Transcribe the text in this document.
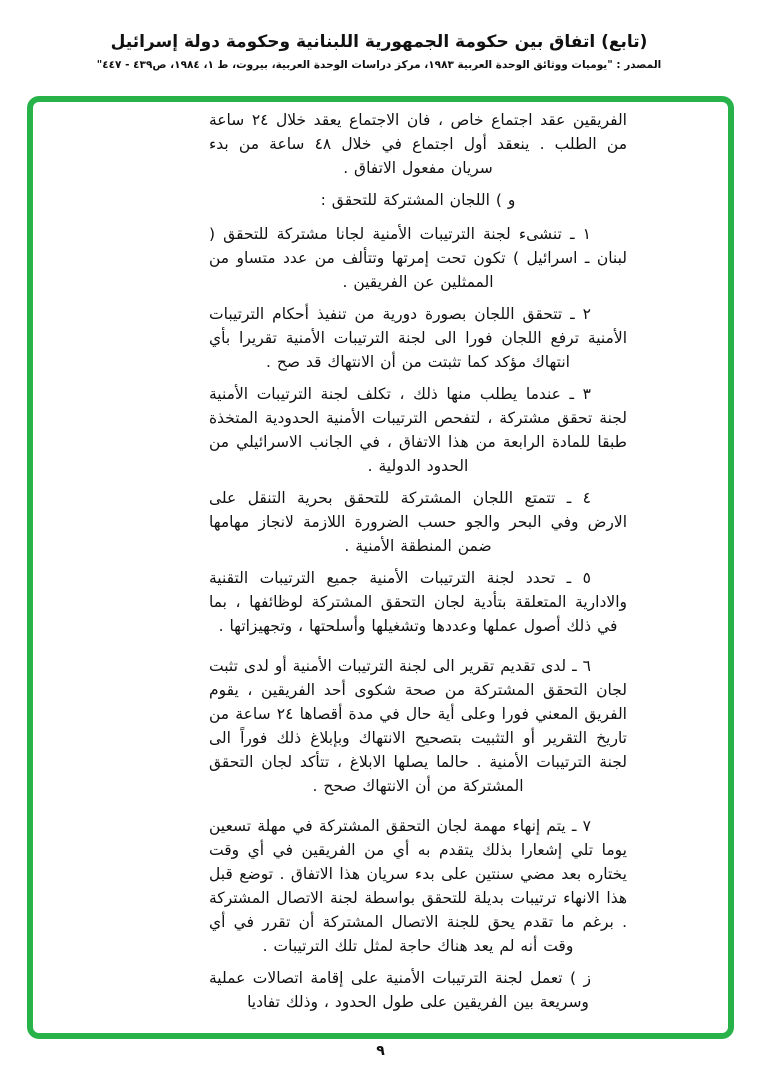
(تابع) اتفاق بين حكومة الجمهورية اللبنانية وحكومة دولة إسرائيل
المصدر : "يوميات ووثائق الوحدة العربية ١٩٨٣، مركز دراسات الوحدة العربية، بيروت، ط ١، ١٩٨٤، ص٤٣٩ - ٤٤٧"

الفريقين عقد اجتماع خاص ، فان الاجتماع يعقد خلال ٢٤ ساعة من الطلب . ينعقد أول اجتماع في خلال ٤٨ ساعة من بدء سريان مفعول الاتفاق .

و ) اللجان المشتركة للتحقق :

١ ـ تنشىء لجنة الترتيبات الأمنية لجانا مشتركة للتحقق ( لبنان ـ اسرائيل ) تكون تحت إمرتها وتتألف من عدد متساو من الممثلين عن الفريقين .

٢ ـ تتحقق اللجان بصورة دورية من تنفيذ أحكام الترتيبات الأمنية ترفع اللجان فورا الى لجنة الترتيبات الأمنية تقريرا بأي انتهاك مؤكد كما تثبتت من أن الانتهاك قد صح .

٣ ـ عندما يطلب منها ذلك ، تكلف لجنة الترتيبات الأمنية لجنة تحقق مشتركة ، لتفحص الترتيبات الأمنية الحدودية المتخذة طبقا للمادة الرابعة من هذا الاتفاق ، في الجانب الاسرائيلي من الحدود الدولية .

٤ ـ تتمتع اللجان المشتركة للتحقق بحرية التنقل على الارض وفي البحر والجو حسب الضرورة اللازمة لانجاز مهامها ضمن المنطقة الأمنية .

٥ ـ تحدد لجنة الترتيبات الأمنية جميع الترتيبات التقنية والادارية المتعلقة بتأدية لجان التحقق المشتركة لوظائفها ، بما في ذلك أصول عملها وعددها وتشغيلها وأسلحتها ، وتجهيزاتها .

٦ ـ لدى تقديم تقرير الى لجنة الترتيبات الأمنية أو لدى تثبت لجان التحقق المشتركة من صحة شكوى أحد الفريقين ، يقوم الفريق المعني فورا وعلى أية حال في مدة أقصاها ٢٤ ساعة من تاريخ التقرير أو التثبيت بتصحيح الانتهاك وبإبلاغ ذلك فوراً الى لجنة الترتيبات الأمنية . حالما يصلها الابلاغ ، تتأكد لجان التحقق المشتركة من أن الانتهاك صحح .

٧ ـ يتم إنهاء مهمة لجان التحقق المشتركة في مهلة تسعين يوما تلي إشعارا بذلك يتقدم به أي من الفريقين في أي وقت يختاره بعد مضي سنتين على بدء سريان هذا الاتفاق . توضع قبل هذا الانهاء ترتيبات بديلة للتحقق بواسطة لجنة الاتصال المشتركة . برغم ما تقدم يحق للجنة الاتصال المشتركة أن تقرر في أي وقت أنه لم يعد هناك حاجة لمثل تلك الترتيبات .

ز ) تعمل لجنة الترتيبات الأمنية على إقامة اتصالات عملية وسريعة بين الفريقين على طول الحدود ، وذلك تفاديا

٩
